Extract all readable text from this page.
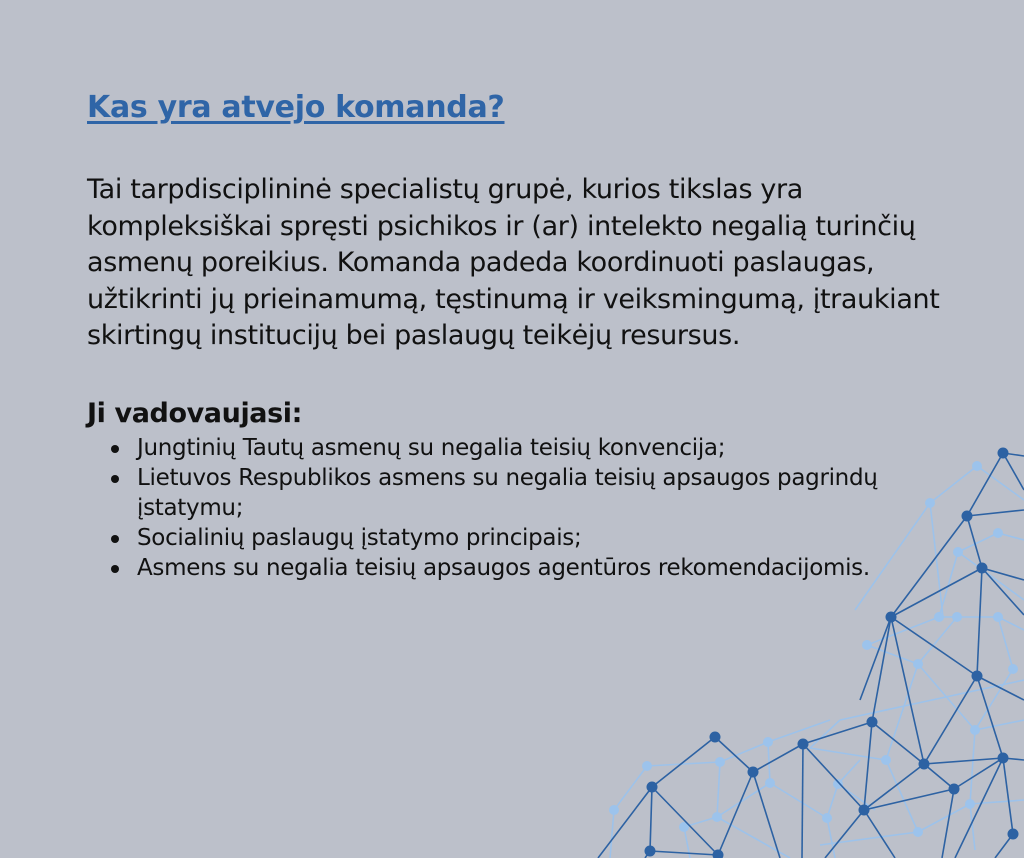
Kas yra atvejo komanda?

Tai tarpdisciplininė specialistų grupė, kurios tikslas yra kompleksiškai spręsti psichikos ir (ar) intelekto negalią turinčių asmenų poreikius. Komanda padeda koordinuoti paslaugas, užtikrinti jų prieinamumą, tęstinumą ir veiksmingumą, įtraukiant skirtingų institucijų bei paslaugų teikėjų resursus.

Ji vadovaujasi:
Jungtinių Tautų asmenų su negalia teisių konvencija;
Lietuvos Respublikos asmens su negalia teisių apsaugos pagrindų įstatymu;
Socialinių paslaugų įstatymo principais;
Asmens su negalia teisių apsaugos agentūros rekomendacijomis.
